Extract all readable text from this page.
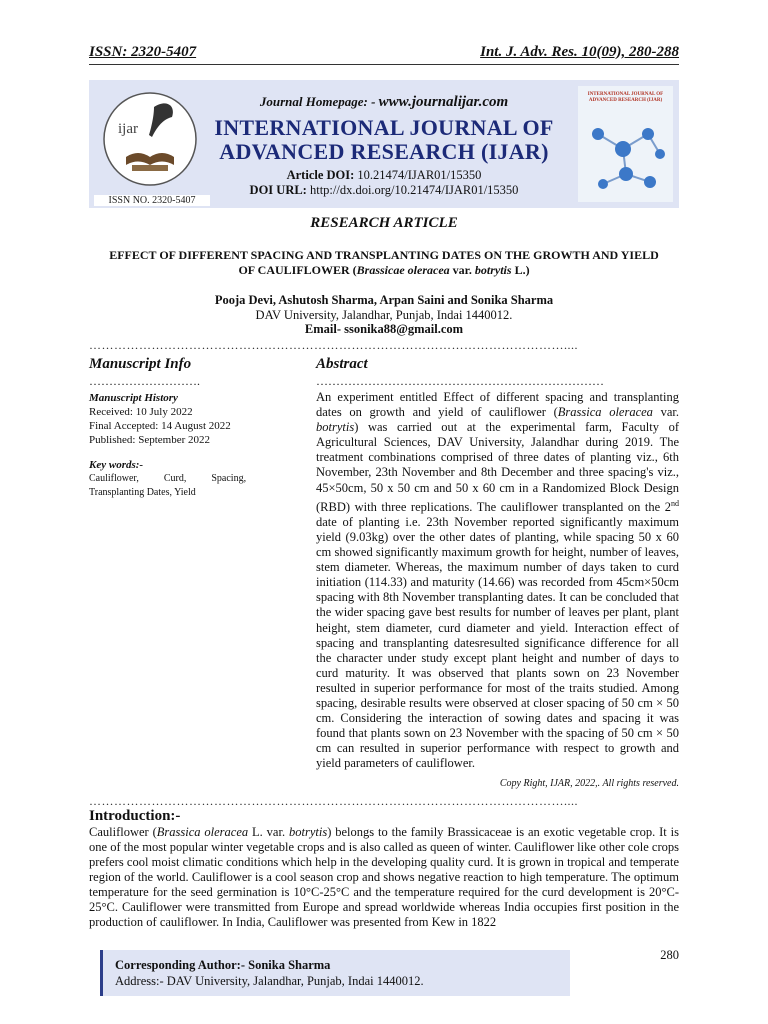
ISSN: 2320-5407	Int. J. Adv. Res. 10(09), 280-288
ijar
ISSN NO. 2320-5407
Journal Homepage: - www.journalijar.com
INTERNATIONAL JOURNAL OF
ADVANCED RESEARCH (IJAR)
Article DOI: 10.21474/IJAR01/15350
DOI URL: http://dx.doi.org/10.21474/IJAR01/15350
INTERNATIONAL JOURNAL OF ADVANCED RESEARCH (IJAR)
RESEARCH ARTICLE
EFFECT OF DIFFERENT SPACING AND TRANSPLANTING DATES ON THE GROWTH AND YIELD
OF CAULIFLOWER (Brassicae oleracea var. botrytis L.)
Pooja Devi, Ashutosh Sharma, Arpan Saini and Sonika Sharma
DAV University, Jalandhar, Punjab, Indai 1440012.
Email- ssonika88@gmail.com
……………………………………………………………………………………………………....
Manuscript Info
……………………….
Manuscript History
Received: 10 July 2022
Final Accepted: 14 August 2022
Published: September 2022
Key words:-
Cauliflower,          Curd,          Spacing,
Transplanting Dates, Yield
Abstract
………………………………………………………………
An experiment entitled Effect of different spacing and transplanting dates on growth and yield of cauliflower (Brassica oleracea var. botrytis) was carried out at the experimental farm, Faculty of Agricultural Sciences, DAV University, Jalandhar during 2019. The treatment combinations comprised of three dates of planting viz., 6th November, 23th November and 8th December and three spacing's viz., 45×50cm, 50 x 50 cm and 50 x 60 cm in a Randomized Block Design (RBD) with three replications. The cauliflower transplanted on the 2nd date of planting i.e. 23th November reported significantly maximum yield (9.03kg) over the other dates of planting, while spacing 50 x 60 cm showed significantly maximum growth for height, number of leaves, stem diameter. Whereas, the maximum number of days taken to curd initiation (114.33) and maturity (14.66) was recorded from 45cm×50cm spacing with 8th November transplanting dates. It can be concluded that the wider spacing gave best results for number of leaves per plant, plant height, stem diameter, curd diameter and yield. Interaction effect of spacing and transplanting datesresulted significance difference for all the character under study except plant height and number of days to curd maturity. It was observed that plants sown on 23 November resulted in superior performance for most of the traits studied. Among spacing, desirable results were observed at closer spacing of 50 cm × 50 cm. Considering the interaction of sowing dates and spacing it was found that plants sown on 23 November with the spacing of 50 cm × 50 cm can resulted in superior performance with respect to growth and yield parameters of cauliflower.
Copy Right, IJAR, 2022,. All rights reserved.
……………………………………………………………………………………………………....
Introduction:-
Cauliflower (Brassica oleracea L. var. botrytis) belongs to the family Brassicaceae is an exotic vegetable crop. It is one of the most popular winter vegetable crops and is also called as queen of winter. Cauliflower like other cole crops prefers cool moist climatic conditions which help in the developing quality curd. It is grown in tropical and temperate region of the world. Cauliflower is a cool season crop and shows negative reaction to high temperature. The optimum temperature for the seed germination is 10°C-25°C and the temperature required for the curd development is 20°C-25°C. Cauliflower were transmitted from Europe and spread worldwide whereas India occupies first position in the production of cauliflower. In India, Cauliflower was presented from Kew in 1822
280
Corresponding Author:- Sonika Sharma
Address:- DAV University, Jalandhar, Punjab, Indai 1440012.
